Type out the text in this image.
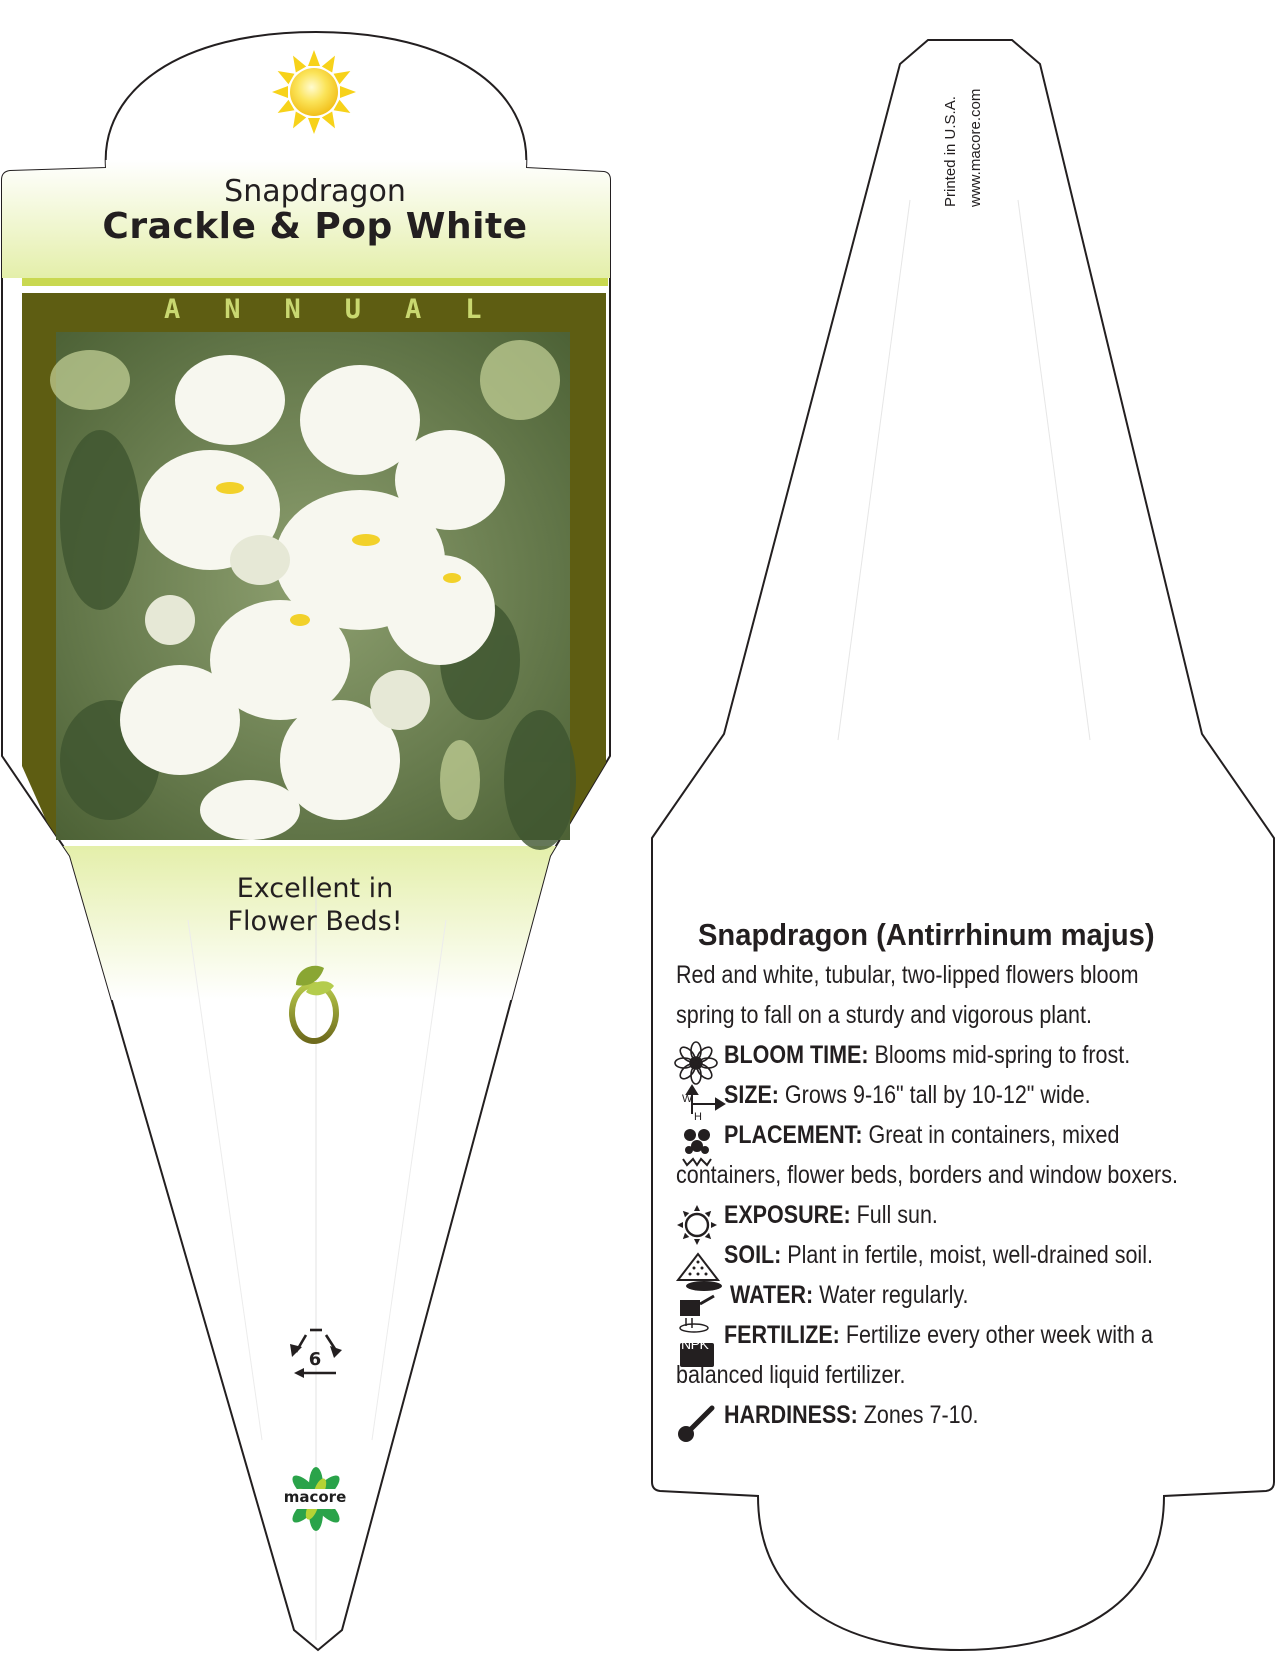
Snapdragon
Crackle & Pop White
ANNUAL
Excellent in
Flower Beds!
6
macore
Printed in U.S.A. www.macore.com
Snapdragon (Antirrhinum majus)
Red and white, tubular, two-lipped flowers bloom
spring to fall on a sturdy and vigorous plant.
BLOOM TIME: Blooms mid-spring to frost.
W
H
SIZE: Grows 9-16" tall by 10-12" wide.
PLACEMENT: Great in containers, mixed
containers, flower beds, borders and window boxers.
EXPOSURE: Full sun.
SOIL: Plant in fertile, moist, well-drained soil.
WATER: Water regularly.
NPK FERTILIZE: Fertilize every other week with a
balanced liquid fertilizer.
HARDINESS: Zones 7-10.
